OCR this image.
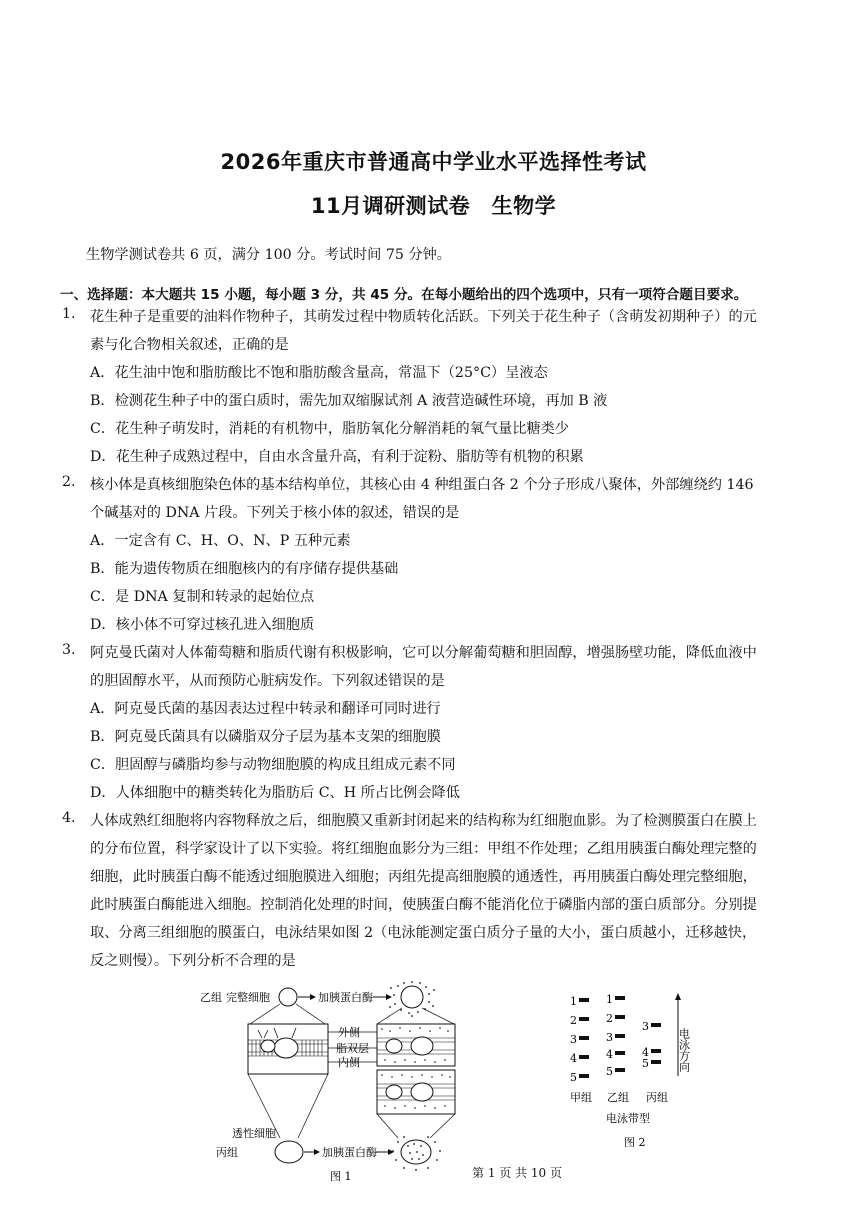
2026年重庆市普通高中学业水平选择性考试
11月调研测试卷　生物学
生物学测试卷共 6 页，满分 100 分。考试时间 75 分钟。
一、选择题：本大题共 15 小题，每小题 3 分，共 45 分。在每小题给出的四个选项中，只有一项符合题目要求。
1. 花生种子是重要的油料作物种子，其萌发过程中物质转化活跃。下列关于花生种子（含萌发初期种子）的元
素与化合物相关叙述，正确的是
A．花生油中饱和脂肪酸比不饱和脂肪酸含量高，常温下（25°C）呈液态
B．检测花生种子中的蛋白质时，需先加双缩脲试剂 A 液营造碱性环境，再加 B 液
C．花生种子萌发时，消耗的有机物中，脂肪氧化分解消耗的氧气量比糖类少
D．花生种子成熟过程中，自由水含量升高，有利于淀粉、脂肪等有机物的积累
2. 核小体是真核细胞染色体的基本结构单位，其核心由 4 种组蛋白各 2 个分子形成八聚体，外部缠绕约 146
个碱基对的 DNA 片段。下列关于核小体的叙述，错误的是
A．一定含有 C、H、O、N、P 五种元素
B．能为遗传物质在细胞核内的有序储存提供基础
C．是 DNA 复制和转录的起始位点
D．核小体不可穿过核孔进入细胞质
3. 阿克曼氏菌对人体葡萄糖和脂质代谢有积极影响，它可以分解葡萄糖和胆固醇，增强肠壁功能，降低血液中
的胆固醇水平，从而预防心脏病发作。下列叙述错误的是
A．阿克曼氏菌的基因表达过程中转录和翻译可同时进行
B．阿克曼氏菌具有以磷脂双分子层为基本支架的细胞膜
C．胆固醇与磷脂均参与动物细胞膜的构成且组成元素不同
D．人体细胞中的糖类转化为脂肪后 C、H 所占比例会降低
4. 人体成熟红细胞将内容物释放之后，细胞膜又重新封闭起来的结构称为红细胞血影。为了检测膜蛋白在膜上
的分布位置，科学家设计了以下实验。将红细胞血影分为三组：甲组不作处理；乙组用胰蛋白酶处理完整的
细胞，此时胰蛋白酶不能透过细胞膜进入细胞；丙组先提高细胞膜的通透性，再用胰蛋白酶处理完整细胞，
此时胰蛋白酶能进入细胞。控制消化处理的时间，使胰蛋白酶不能消化位于磷脂内部的蛋白质部分。分别提
取、分离三组细胞的膜蛋白，电泳结果如图 2（电泳能测定蛋白质分子量的大小，蛋白质越小，迁移越快，
反之则慢）。下列分析不合理的是
乙组 完整细胞	加胰蛋白酶
外侧
脂双层
内侧
透性细胞
丙组	加胰蛋白酶
图 1
1
2
3
4
5
1
2
3
4
5
3
4
5	电泳方向
甲组 乙组 丙组
电泳带型
图 2
第 1 页 共 10 页
